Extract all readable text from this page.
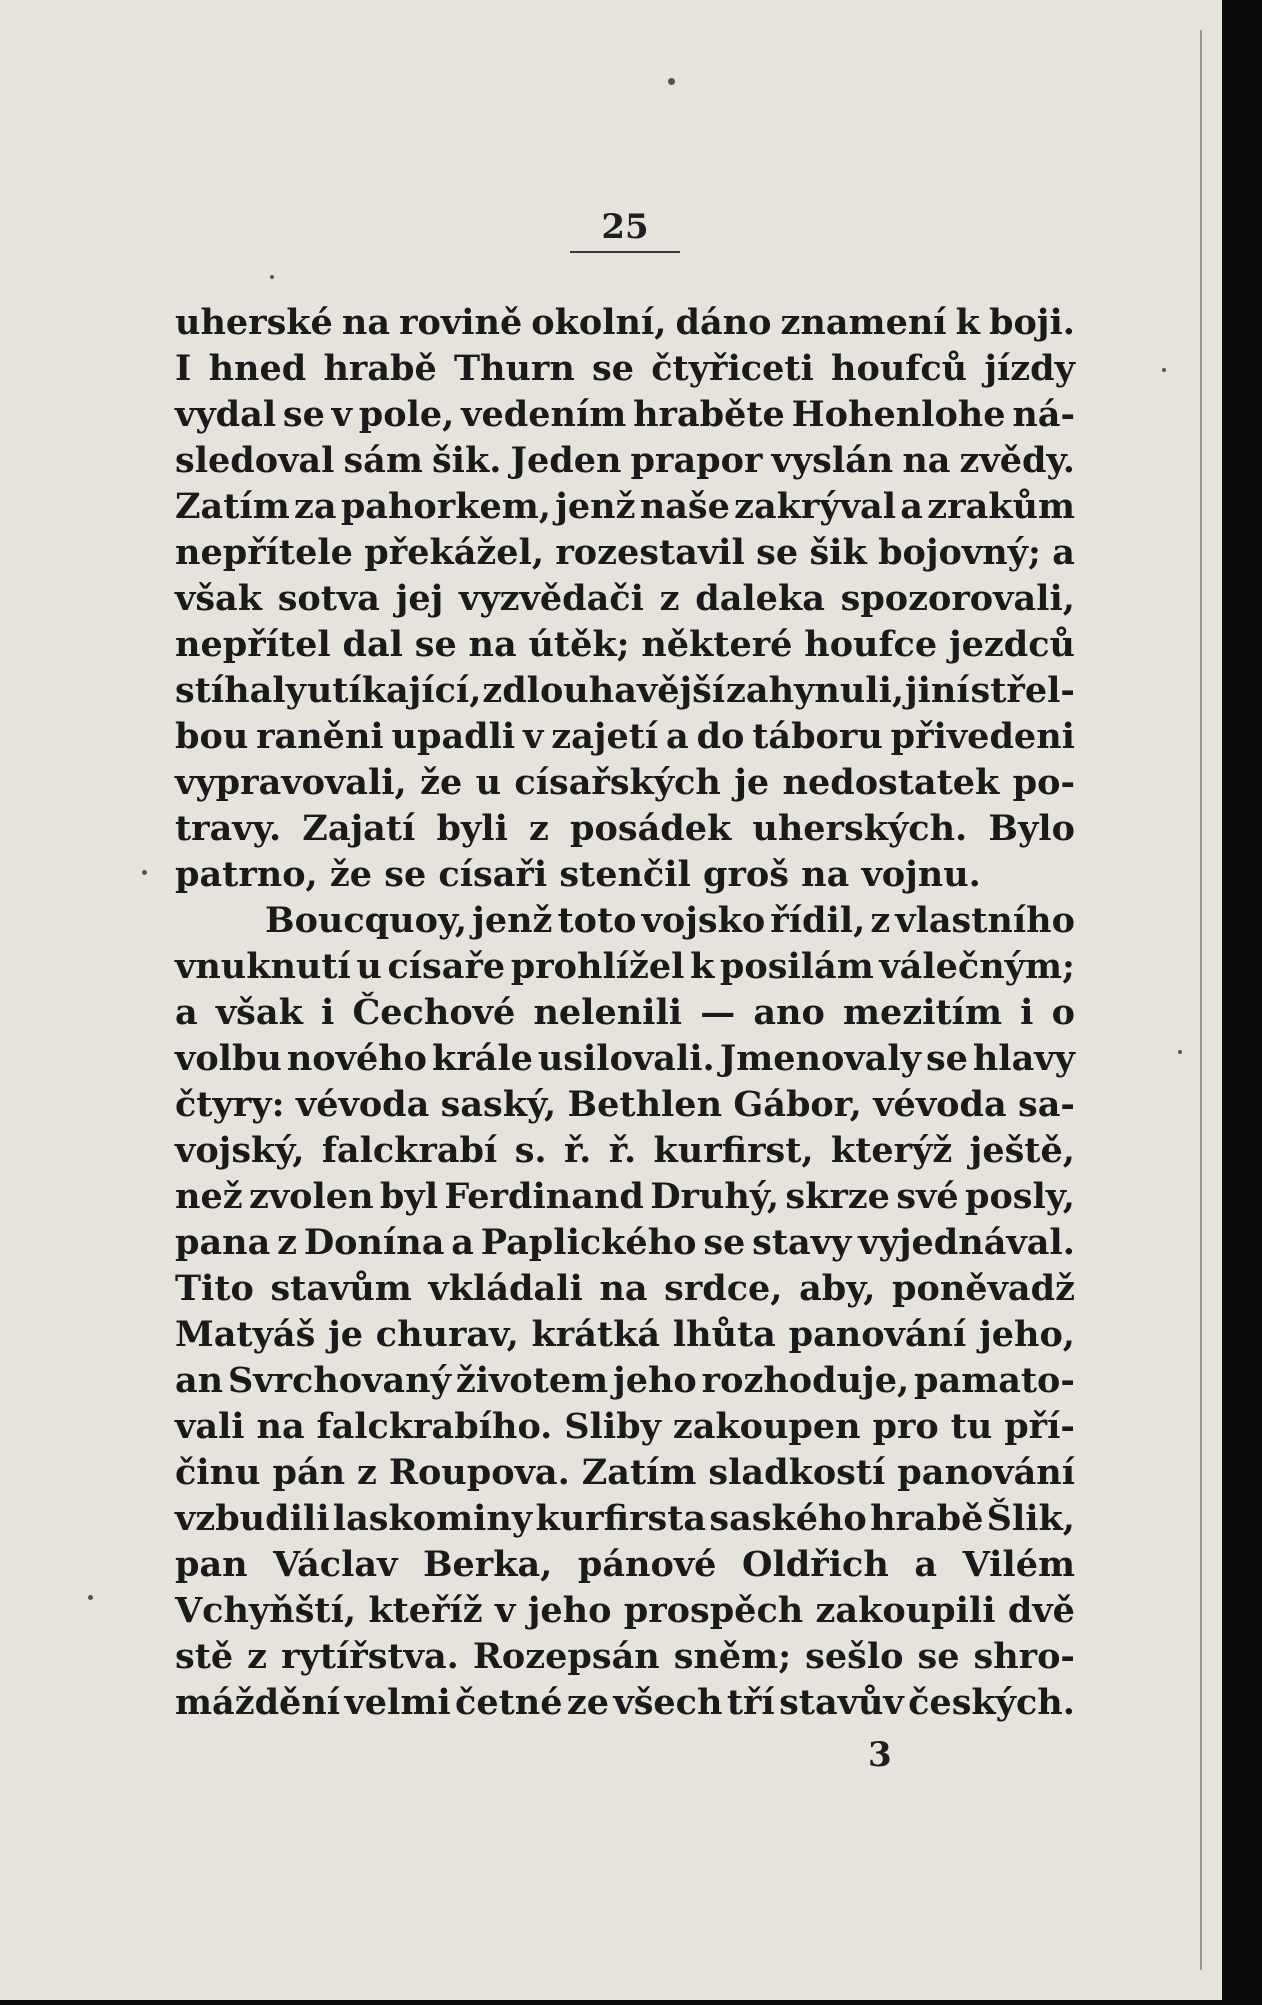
25
uherské na rovině okolní, dáno znamení k boji.
I hned hrabě Thurn se čtyřiceti houfců jízdy
vydal se v pole, vedením hraběte Hohenlohe ná-
sledoval sám šik. Jeden prapor vyslán na zvědy.
Zatím za pahorkem, jenž naše zakrýval a zrakům
nepřítele překážel, rozestavil se šik bojovný; a
však sotva jej vyzvědači z daleka spozorovali,
nepřítel dal se na útěk; některé houfce jezdců
stíhaly utíkající, zdlouhavější zahynuli, jiní střel-
bou raněni upadli v zajetí a do táboru přivedeni
vypravovali, že u císařských je nedostatek po-
travy. Zajatí byli z posádek uherských. Bylo
patrno, že se císaři stenčil groš na vojnu.
Boucquoy, jenž toto vojsko řídil, z vlastního
vnuknutí u císaře prohlížel k posilám válečným;
a však i Čechové nelenili — ano mezitím i o
volbu nového krále usilovali. Jmenovaly se hlavy
čtyry: vévoda saský, Bethlen Gábor, vévoda sa-
vojský, falckrabí s. ř. ř. kurfirst, kterýž ještě,
než zvolen byl Ferdinand Druhý, skrze své posly,
pana z Donína a Paplického se stavy vyjednával.
Tito stavům vkládali na srdce, aby, poněvadž
Matyáš je churav, krátká lhůta panování jeho,
an Svrchovaný životem jeho rozhoduje, pamato-
vali na falckrabího. Sliby zakoupen pro tu pří-
činu pán z Roupova. Zatím sladkostí panování
vzbudili laskominy kurfirsta saského hrabě Šlik,
pan Václav Berka, pánové Oldřich a Vilém
Vchyňští, kteříž v jeho prospěch zakoupili dvě
stě z rytířstva. Rozepsán sněm; sešlo se shro-
máždění velmi četné ze všech tří stavův českých.
3
